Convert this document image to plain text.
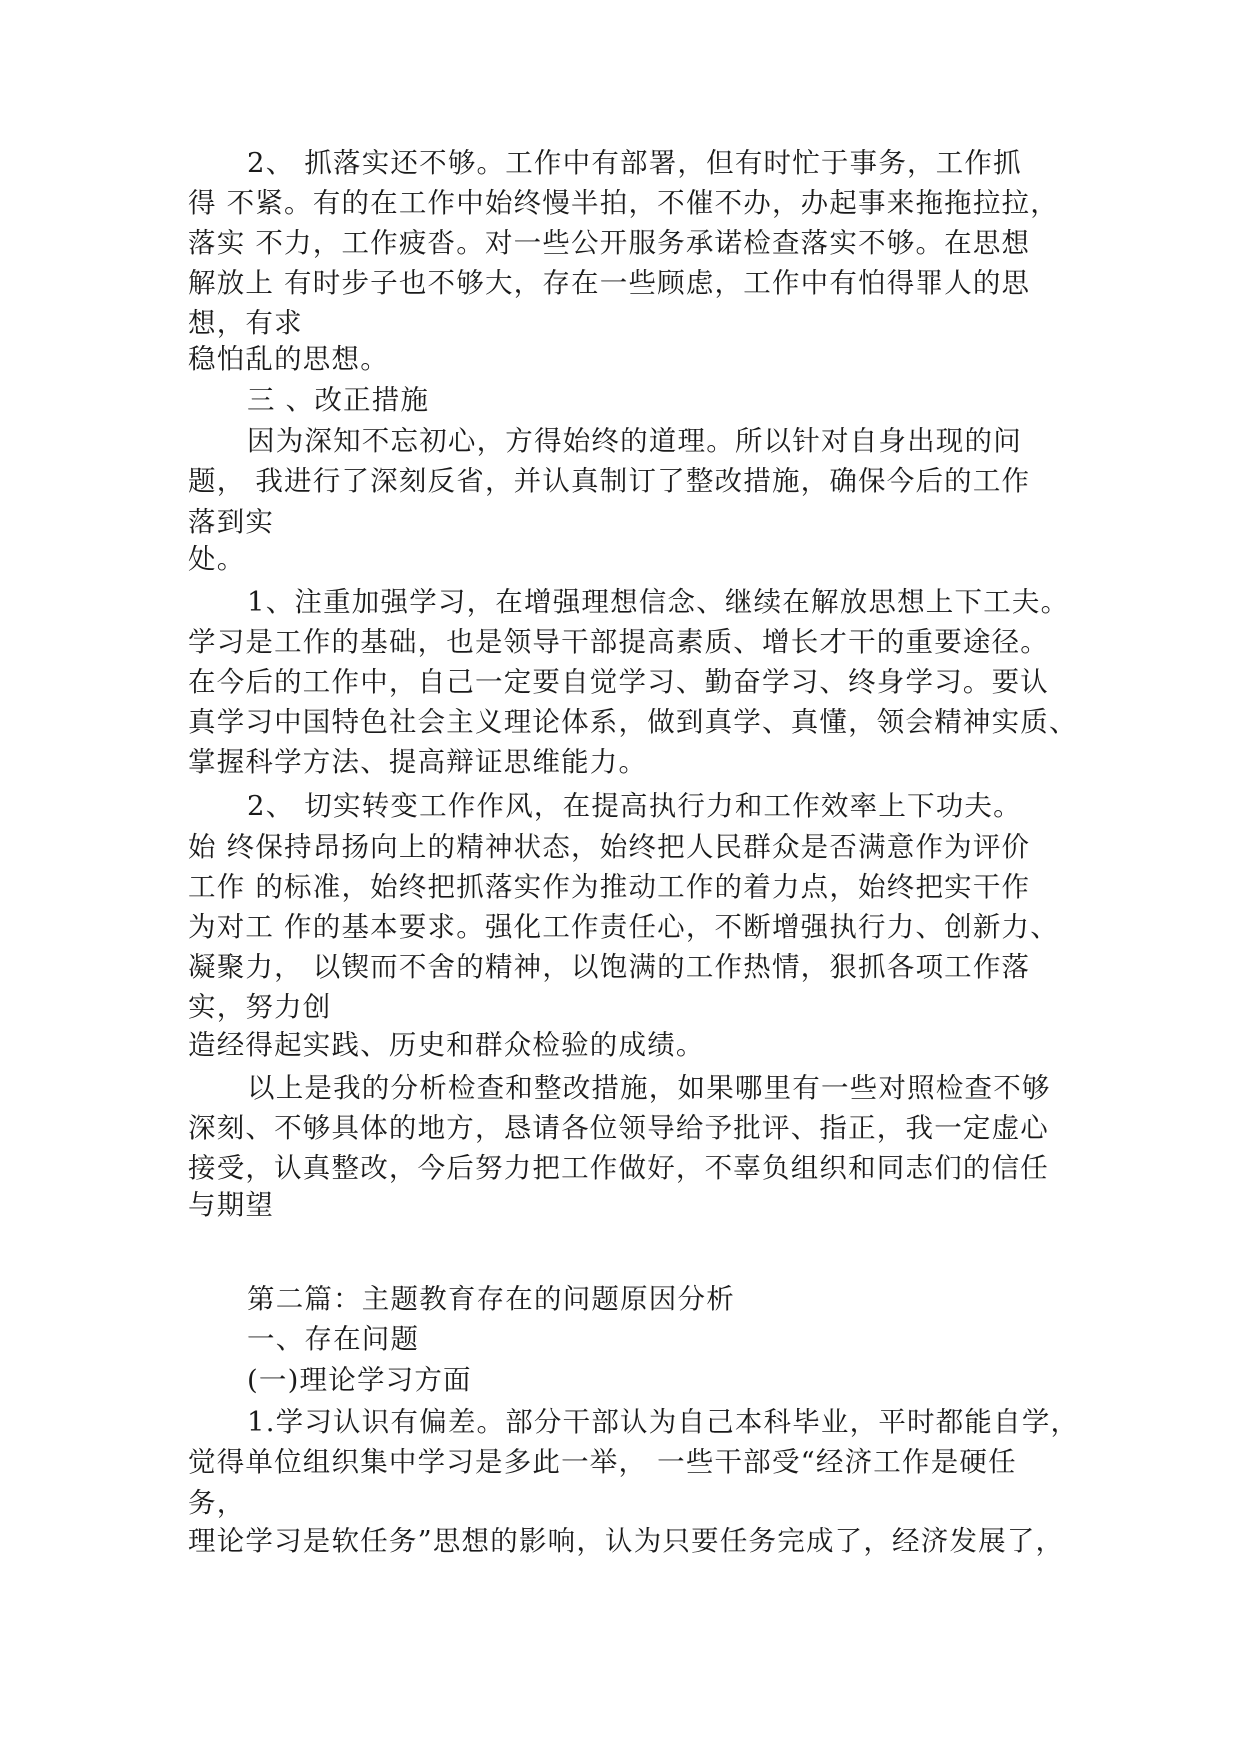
2、 抓落实还不够。工作中有部署，但有时忙于事务，工作抓
得 不紧。有的在工作中始终慢半拍，不催不办，办起事来拖拖拉拉，
落实 不力，工作疲沓。对一些公开服务承诺检查落实不够。在思想
解放上 有时步子也不够大，存在一些顾虑，工作中有怕得罪人的思
想，有求
稳怕乱的思想。
三 、改正措施
因为深知不忘初心，方得始终的道理。所以针对自身出现的问
题， 我进行了深刻反省，并认真制订了整改措施，确保今后的工作
落到实
处。
1、注重加强学习，在增强理想信念、继续在解放思想上下工夫。
学习是工作的基础，也是领导干部提高素质、增长才干的重要途径。
在今后的工作中，自己一定要自觉学习、勤奋学习、终身学习。要认
真学习中国特色社会主义理论体系，做到真学、真懂，领会精神实质、
掌握科学方法、提高辩证思维能力。
2、 切实转变工作作风，在提高执行力和工作效率上下功夫。
始 终保持昂扬向上的精神状态，始终把人民群众是否满意作为评价
工作 的标准，始终把抓落实作为推动工作的着力点，始终把实干作
为对工 作的基本要求。强化工作责任心，不断增强执行力、创新力、
凝聚力， 以锲而不舍的精神，以饱满的工作热情，狠抓各项工作落
实，努力创
造经得起实践、历史和群众检验的成绩。
以上是我的分析检查和整改措施，如果哪里有一些对照检查不够
深刻、不够具体的地方，恳请各位领导给予批评、指正，我一定虚心
接受，认真整改，今后努力把工作做好，不辜负组织和同志们的信任
与期望
第二篇：主题教育存在的问题原因分析
一、存在问题
(一)理论学习方面
1.学习认识有偏差。部分干部认为自己本科毕业，平时都能自学，
觉得单位组织集中学习是多此一举， 一些干部受“经济工作是硬任
务，
理论学习是软任务”思想的影响，认为只要任务完成了，经济发展了，
